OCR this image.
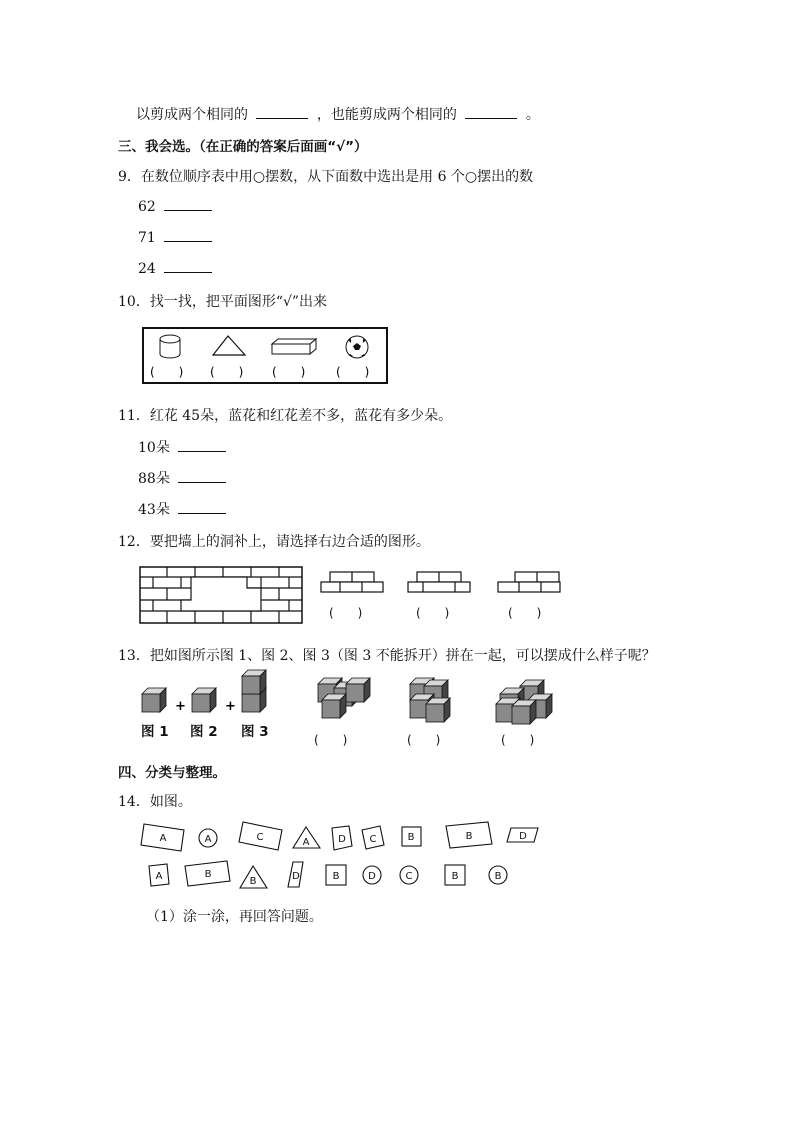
以剪成两个相同的	，也能剪成两个相同的	。
三、我会选。（在正确的答案后面画“√”）
9．在数位顺序表中用○摆数，从下面数中选出是用 6 个○摆出的数
62
71
24
10．找一找，把平面图形“√”出来
(　　) (　　) (　　)	(　　)
11．红花 45朵，蓝花和红花差不多，蓝花有多少朵。
10朵
88朵
43朵
12．要把墙上的洞补上，请选择右边合适的图形。
(　　)	(　　)	(　　)
13．把如图所示图 1、图 2、图 3（图 3 不能拆开）拼在一起，可以摆成什么样子呢？
+	+
图 1 图 2 图 3	(　　)	(　　)	(　　)
四、分类与整理。
14．如图。
A	A	C	A	D C	B	B	D
A	B
B	D	B	D	C	B	B
（1）涂一涂，再回答问题。
